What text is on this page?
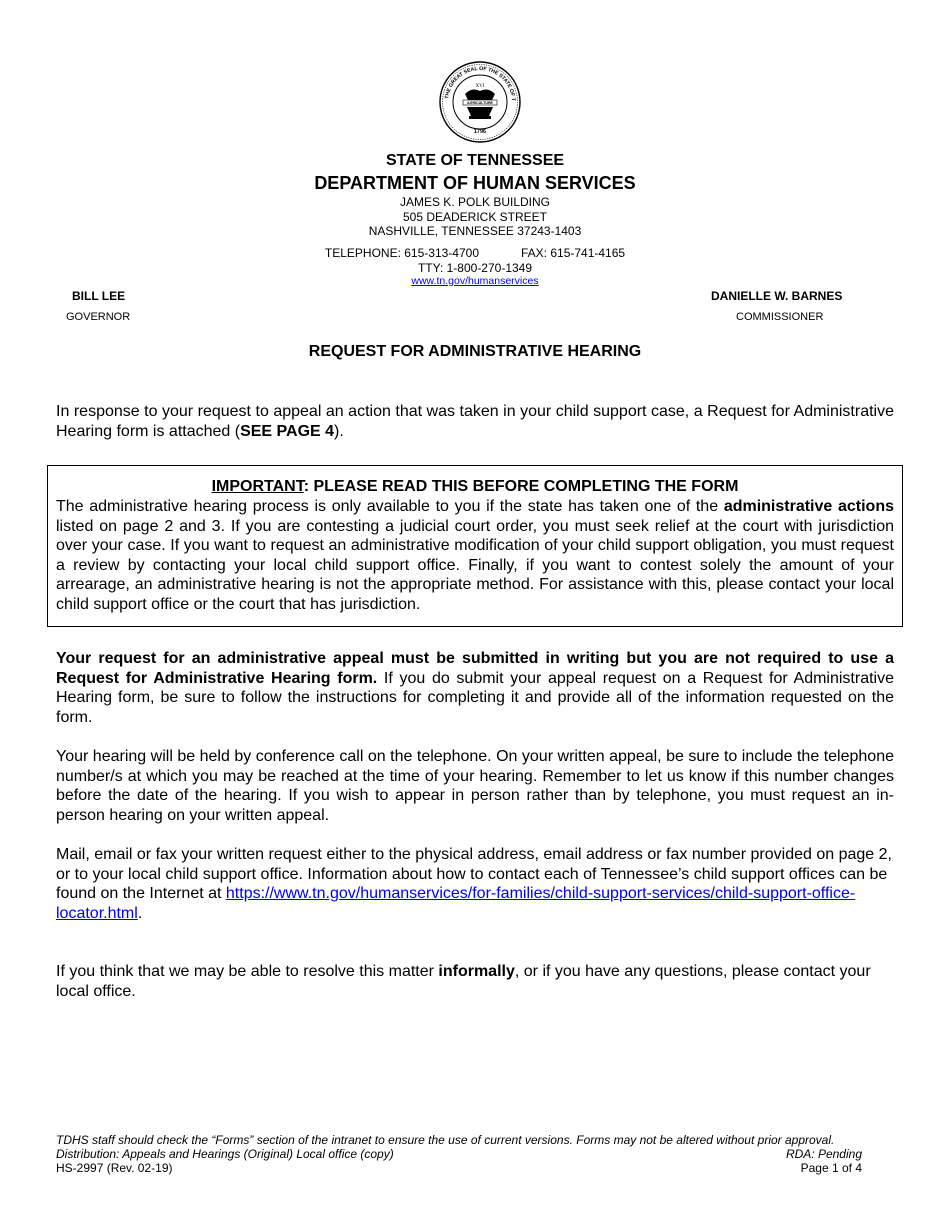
THE GREAT SEAL OF THE STATE OF T
XVI
AGRICULTURE
1796
STATE OF TENNESSEE
DEPARTMENT OF HUMAN SERVICES
JAMES K. POLK BUILDING
505 DEADERICK STREET
NASHVILLE, TENNESSEE 37243-1403
TELEPHONE: 615-313-4700	FAX: 615-741-4165
TTY: 1-800-270-1349
www.tn.gov/humanservices
BILL LEE
GOVERNOR
DANIELLE W. BARNES
COMMISSIONER
REQUEST FOR ADMINISTRATIVE HEARING
In response to your request to appeal an action that was taken in your child support case, a Request for Administrative Hearing form is attached (SEE PAGE 4).
IMPORTANT: PLEASE READ THIS BEFORE COMPLETING THE FORM
The administrative hearing process is only available to you if the state has taken one of the administrative actions listed on page 2 and 3. If you are contesting a judicial court order, you must seek relief at the court with jurisdiction over your case. If you want to request an administrative modification of your child support obligation, you must request a review by contacting your local child support office. Finally, if you want to contest solely the amount of your arrearage, an administrative hearing is not the appropriate method. For assistance with this, please contact your local child support office or the court that has jurisdiction.
Your request for an administrative appeal must be submitted in writing but you are not required to use a Request for Administrative Hearing form. If you do submit your appeal request on a Request for Administrative Hearing form, be sure to follow the instructions for completing it and provide all of the information requested on the form.
Your hearing will be held by conference call on the telephone. On your written appeal, be sure to include the telephone number/s at which you may be reached at the time of your hearing. Remember to let us know if this number changes before the date of the hearing. If you wish to appear in person rather than by telephone, you must request an in-person hearing on your written appeal.
Mail, email or fax your written request either to the physical address, email address or fax number provided on page 2, or to your local child support office. Information about how to contact each of Tennessee’s child support offices can be found on the Internet at https://www.tn.gov/humanservices/for-families/child-support-services/child-support-office-locator.html.
If you think that we may be able to resolve this matter informally, or if you have any questions, please contact your local office.
TDHS staff should check the “Forms” section of the intranet to ensure the use of current versions. Forms may not be altered without prior approval.
Distribution: Appeals and Hearings (Original) Local office (copy)	RDA: Pending
HS-2997 (Rev. 02-19)	Page 1 of 4
